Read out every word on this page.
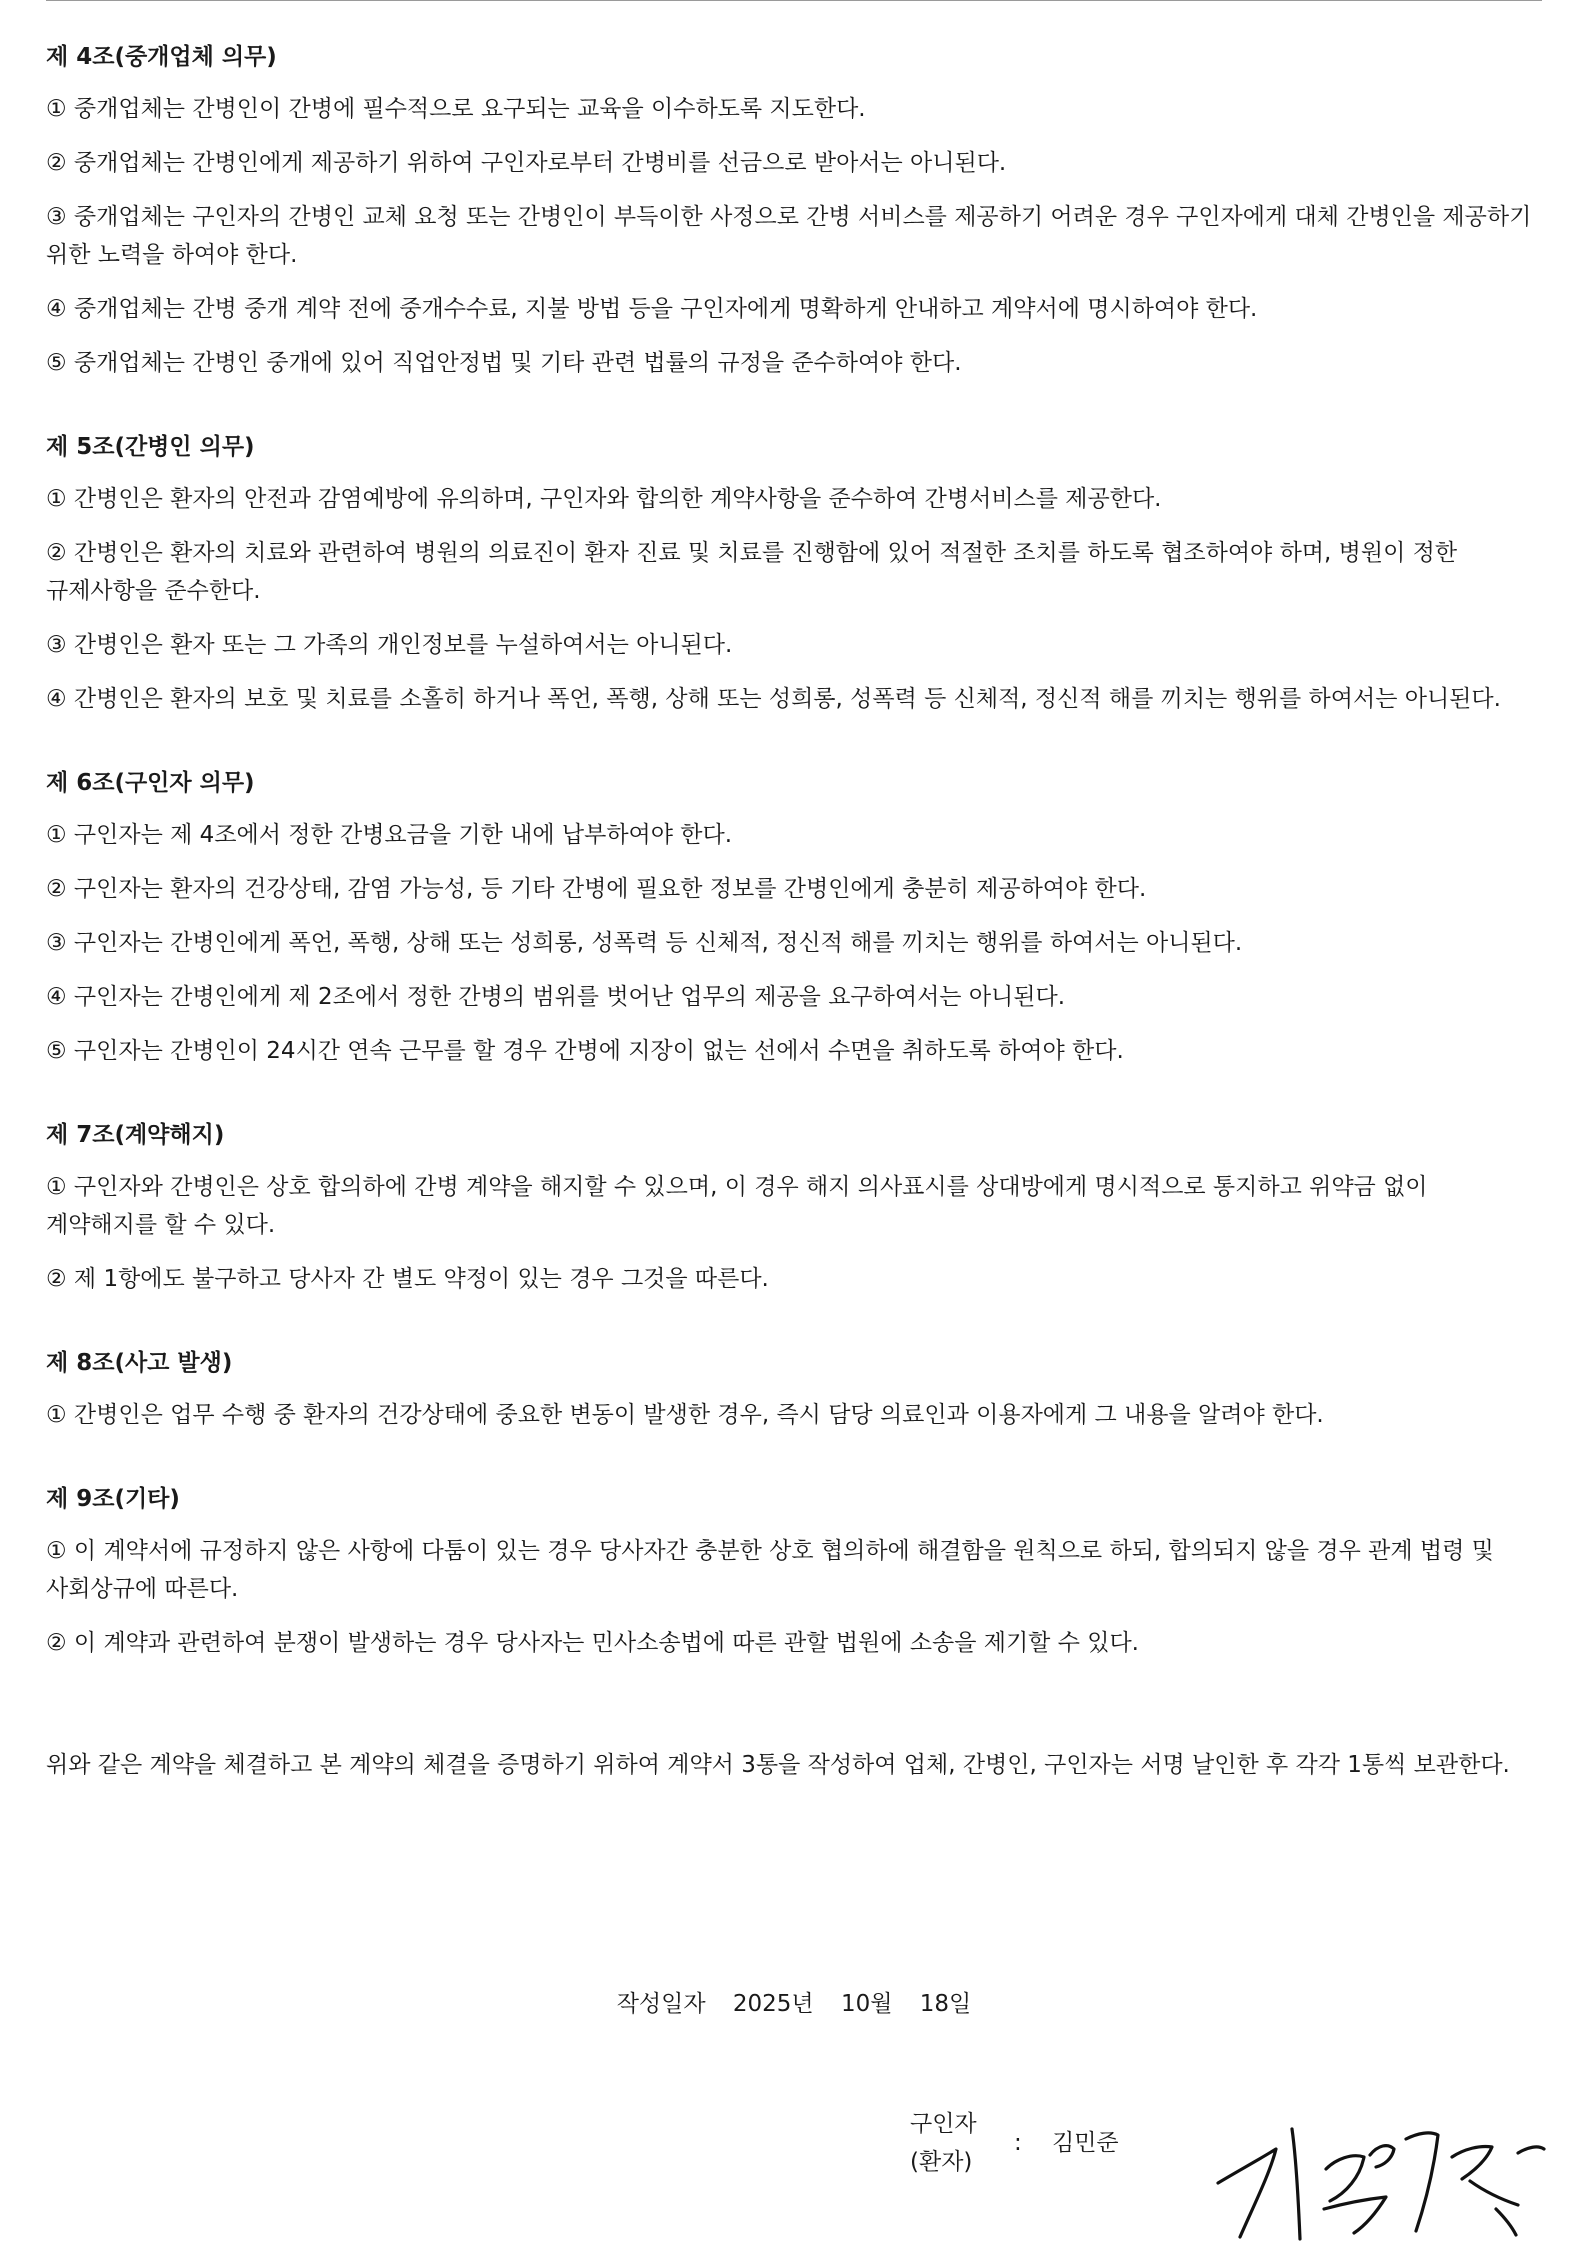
제 4조(중개업체 의무)

① 중개업체는 간병인이 간병에 필수적으로 요구되는 교육을 이수하도록 지도한다.

② 중개업체는 간병인에게 제공하기 위하여 구인자로부터 간병비를 선금으로 받아서는 아니된다.

③ 중개업체는 구인자의 간병인 교체 요청 또는 간병인이 부득이한 사정으로 간병 서비스를 제공하기 어려운 경우 구인자에게 대체 간병인을 제공하기 위한 노력을 하여야 한다.

④ 중개업체는 간병 중개 계약 전에 중개수수료, 지불 방법 등을 구인자에게 명확하게 안내하고 계약서에 명시하여야 한다.

⑤ 중개업체는 간병인 중개에 있어 직업안정법 및 기타 관련 법률의 규정을 준수하여야 한다.

제 5조(간병인 의무)

① 간병인은 환자의 안전과 감염예방에 유의하며, 구인자와 합의한 계약사항을 준수하여 간병서비스를 제공한다.

② 간병인은 환자의 치료와 관련하여 병원의 의료진이 환자 진료 및 치료를 진행함에 있어 적절한 조치를 하도록 협조하여야 하며, 병원이 정한 규제사항을 준수한다.

③ 간병인은 환자 또는 그 가족의 개인정보를 누설하여서는 아니된다.

④ 간병인은 환자의 보호 및 치료를 소홀히 하거나 폭언, 폭행, 상해 또는 성희롱, 성폭력 등 신체적, 정신적 해를 끼치는 행위를 하여서는 아니된다.

제 6조(구인자 의무)

① 구인자는 제 4조에서 정한 간병요금을 기한 내에 납부하여야 한다.

② 구인자는 환자의 건강상태, 감염 가능성, 등 기타 간병에 필요한 정보를 간병인에게 충분히 제공하여야 한다.

③ 구인자는 간병인에게 폭언, 폭행, 상해 또는 성희롱, 성폭력 등 신체적, 정신적 해를 끼치는 행위를 하여서는 아니된다.

④ 구인자는 간병인에게 제 2조에서 정한 간병의 범위를 벗어난 업무의 제공을 요구하여서는 아니된다.

⑤ 구인자는 간병인이 24시간 연속 근무를 할 경우 간병에 지장이 없는 선에서 수면을 취하도록 하여야 한다.

제 7조(계약해지)

① 구인자와 간병인은 상호 합의하에 간병 계약을 해지할 수 있으며, 이 경우 해지 의사표시를 상대방에게 명시적으로 통지하고 위약금 없이 계약해지를 할 수 있다.

② 제 1항에도 불구하고 당사자 간 별도 약정이 있는 경우 그것을 따른다.

제 8조(사고 발생)

① 간병인은 업무 수행 중 환자의 건강상태에 중요한 변동이 발생한 경우, 즉시 담당 의료인과 이용자에게 그 내용을 알려야 한다.

제 9조(기타)

① 이 계약서에 규정하지 않은 사항에 다툼이 있는 경우 당사자간 충분한 상호 협의하에 해결함을 원칙으로 하되, 합의되지 않을 경우 관계 법령 및 사회상규에 따른다.

② 이 계약과 관련하여 분쟁이 발생하는 경우 당사자는 민사소송법에 따른 관할 법원에 소송을 제기할 수 있다.

위와 같은 계약을 체결하고 본 계약의 체결을 증명하기 위하여 계약서 3통을 작성하여 업체, 간병인, 구인자는 서명 날인한 후 각각 1통씩 보관한다.

작성일자 2025년 10월 18일
구인자
(환자)
: 김민준
